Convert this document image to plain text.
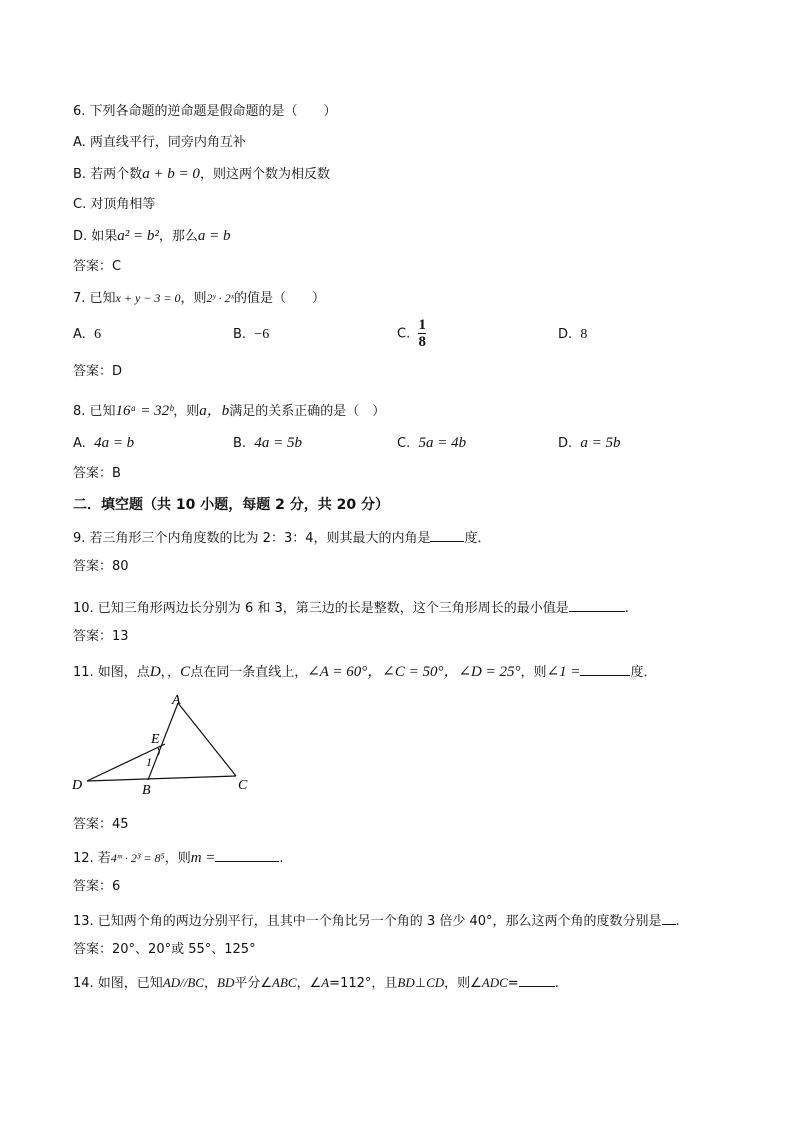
6. 下列各命题的逆命题是假命题的是（　　）
A. 两直线平行，同旁内角互补
B. 若两个数a + b = 0，则这两个数为相反数
C. 对顶角相等
D. 如果a² = b²，那么a = b
答案：C
7. 已知x + y − 3 = 0，则2ʸ · 2ˣ的值是（　　）
A. 6	B. −6	C. $\frac{1}{8}$	D. 8
答案：D
8. 已知16ᵃ = 32ᵇ，则a，b满足的关系正确的是（　）
A. 4a = b	B. 4a = 5b	C. 5a = 4b	D. a = 5b
答案：B
二．填空题（共 10 小题，每题 2 分，共 20 分）
9. 若三角形三个内角度数的比为 2：3：4，则其最大的内角是	度．
答案：80
10. 已知三角形两边长分别为 6 和 3，第三边的长是整数，这个三角形周长的最小值是	.
答案：13
11. 如图，点D，，C点在同一条直线上，∠A = 60°，∠C = 50°，∠D = 25°，则∠1 =	度．
A
E
1
D	B	C
答案：45
12. 若4ᵐ · 2³ = 8⁵，则m =	.
答案：6
13. 已知两个角的两边分别平行，且其中一个角比另一个角的 3 倍少 40°，那么这两个角的度数分别是 .
答案：20°、20°或 55°、125°
14. 如图，已知AD//BC，BD平分∠ABC，∠A=112°，且BD⊥CD，则∠ADC=	.
